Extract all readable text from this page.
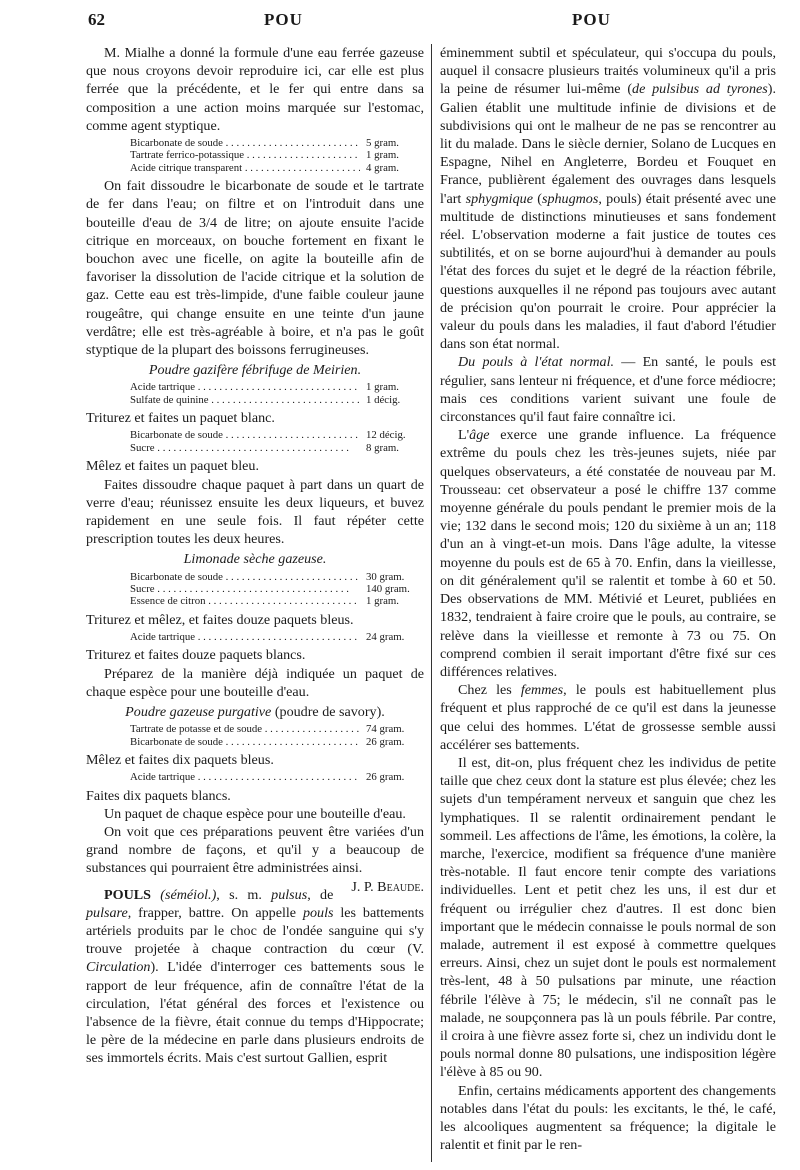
62	POU	POU

M. Mialhe a donné la formule d'une eau ferrée gazeuse que nous croyons devoir reproduire ici, car elle est plus ferrée que la précédente, et le fer qui entre dans sa composition a une action moins marquée sur l'estomac, comme agent styptique.

Bicarbonate de soude . . .	5 gram.
Tartrate ferrico-potassique . . .	1 gram.
Acide citrique transparent . . .	4 gram.

On fait dissoudre le bicarbonate de soude et le tartrate de fer dans l'eau; on filtre et on l'introduit dans une bouteille d'eau de 3/4 de litre; on ajoute ensuite l'acide citrique en morceaux, on bouche fortement en fixant le bouchon avec une ficelle, on agite la bouteille afin de favoriser la dissolution de l'acide citrique et la solution de gaz. Cette eau est très-limpide, d'une faible couleur jaune rougeâtre, qui change ensuite en une teinte d'un jaune verdâtre; elle est très-agréable à boire, et n'a pas le goût styptique de la plupart des boissons ferrugineuses.

Poudre gazifère fébrifuge de Meirien.
Acide tartrique . . .	1 gram.
Sulfate de quinine . . .	1 décig.

Triturez et faites un paquet blanc.

Bicarbonate de soude . . .	12 décig.
Sucre . . .	8 gram.

Mêlez et faites un paquet bleu.

Faites dissoudre chaque paquet à part dans un quart de verre d'eau; réunissez ensuite les deux liqueurs, et buvez rapidement en une seule fois. Il faut répéter cette prescription toutes les deux heures.

Limonade sèche gazeuse.
Bicarbonate de soude . . .	30 gram.
Sucre . . .	140 gram.
Essence de citron . . .	1 gram.

Triturez et mêlez, et faites douze paquets bleus.

Acide tartrique . . .	24 gram.

Triturez et faites douze paquets blancs.

Préparez de la manière déjà indiquée un paquet de chaque espèce pour une bouteille d'eau.

Poudre gazeuse purgative (poudre de savory).
Tartrate de potasse et de soude . . .	74 gram.
Bicarbonate de soude . . .	26 gram.

Mêlez et faites dix paquets bleus.

Acide tartrique . . .	26 gram.

Faites dix paquets blancs.

Un paquet de chaque espèce pour une bouteille d'eau.

On voit que ces préparations peuvent être variées d'un grand nombre de façons, et qu'il y a beaucoup de substances qui pourraient être administrées ainsi.
J. P. Beaude.

POULS (séméiol.), s. m. pulsus, de pulsare, frapper, battre. On appelle pouls les battements artériels produits par le choc de l'ondée sanguine qui s'y trouve projetée à chaque contraction du cœur (V. Circulation). L'idée d'interroger ces battements sous le rapport de leur fréquence, afin de connaître l'état de la circulation, l'état général des forces et l'existence ou l'absence de la fièvre, était connue du temps d'Hippocrate; le père de la médecine en parle dans plusieurs endroits de ses immortels écrits. Mais c'est surtout Gallien, esprit

éminemment subtil et spéculateur, qui s'occupa du pouls, auquel il consacre plusieurs traités volumineux qu'il a pris la peine de résumer lui-même (de pulsibus ad tyrones). Galien établit une multitude infinie de divisions et de subdivisions qui ont le malheur de ne pas se rencontrer au lit du malade. Dans le siècle dernier, Solano de Lucques en Espagne, Nihel en Angleterre, Bordeu et Fouquet en France, publièrent également des ouvrages dans lesquels l'art sphygmique (sphugmos, pouls) était présenté avec une multitude de distinctions minutieuses et sans fondement réel. L'observation moderne a fait justice de toutes ces subtilités, et on se borne aujourd'hui à demander au pouls l'état des forces du sujet et le degré de la réaction fébrile, questions auxquelles il ne répond pas toujours avec autant de précision qu'on pourrait le croire. Pour apprécier la valeur du pouls dans les maladies, il faut d'abord l'étudier dans son état normal.

Du pouls à l'état normal. — En santé, le pouls est régulier, sans lenteur ni fréquence, et d'une force médiocre; mais ces conditions varient suivant une foule de circonstances qu'il faut faire connaître ici.

L'âge exerce une grande influence. La fréquence extrême du pouls chez les très-jeunes sujets, niée par quelques observateurs, a été constatée de nouveau par M. Trousseau: cet observateur a posé le chiffre 137 comme moyenne générale du pouls pendant le premier mois de la vie; 132 dans le second mois; 120 du sixième à un an; 118 d'un an à vingt-et-un mois. Dans l'âge adulte, la vitesse moyenne du pouls est de 65 à 70. Enfin, dans la vieillesse, on dit généralement qu'il se ralentit et tombe à 60 et 50. Des observations de MM. Métivié et Leuret, publiées en 1832, tendraient à faire croire que le pouls, au contraire, se relève dans la vieillesse et remonte à 73 ou 75. On comprend combien il serait important d'être fixé sur ces différences relatives.

Chez les femmes, le pouls est habituellement plus fréquent et plus rapproché de ce qu'il est dans la jeunesse que celui des hommes. L'état de grossesse semble aussi accélérer ses battements.

Il est, dit-on, plus fréquent chez les individus de petite taille que chez ceux dont la stature est plus élevée; chez les sujets d'un tempérament nerveux et sanguin que chez les lymphatiques. Il se ralentit ordinairement pendant le sommeil. Les affections de l'âme, les émotions, la colère, la marche, l'exercice, modifient sa fréquence d'une manière très-notable. Il faut encore tenir compte des variations individuelles. Lent et petit chez les uns, il est dur et fréquent ou irrégulier chez d'autres. Il est donc bien important que le médecin connaisse le pouls normal de son malade, autrement il est exposé à commettre quelques erreurs. Ainsi, chez un sujet dont le pouls est normalement très-lent, 48 à 50 pulsations par minute, une réaction fébrile l'élève à 75; le médecin, s'il ne connaît pas le malade, ne soupçonnera pas là un pouls fébrile. Par contre, il croira à une fièvre assez forte si, chez un individu dont le pouls normal donne 80 pulsations, une indisposition légère l'élève à 85 ou 90.

Enfin, certains médicaments apportent des changements notables dans l'état du pouls: les excitants, le thé, le café, les alcooliques augmentent sa fréquence; la digitale le ralentit et finit par le ren-
